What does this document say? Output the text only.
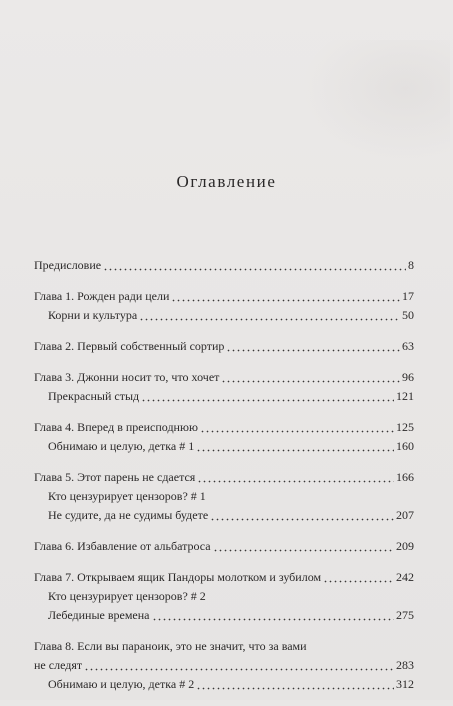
Оглавление
Предисловие	8
Глава 1. Рожден ради цели	17
Корни и культура	50
Глава 2. Первый собственный сортир	63
Глава 3. Джонни носит то, что хочет	96
Прекрасный стыд	121
Глава 4. Вперед в преисподнюю	125
Обнимаю и целую, детка # 1	160
Глава 5. Этот парень не сдается	166
Кто цензурирует цензоров? # 1
Не судите, да не судимы будете	207
Глава 6. Избавление от альбатроса	209
Глава 7. Открываем ящик Пандоры молотком и зубилом	242
Кто цензурирует цензоров? # 2
Лебединые времена	275
Глава 8. Если вы параноик, это не значит, что за вами
не следят	283
Обнимаю и целую, детка # 2	312
